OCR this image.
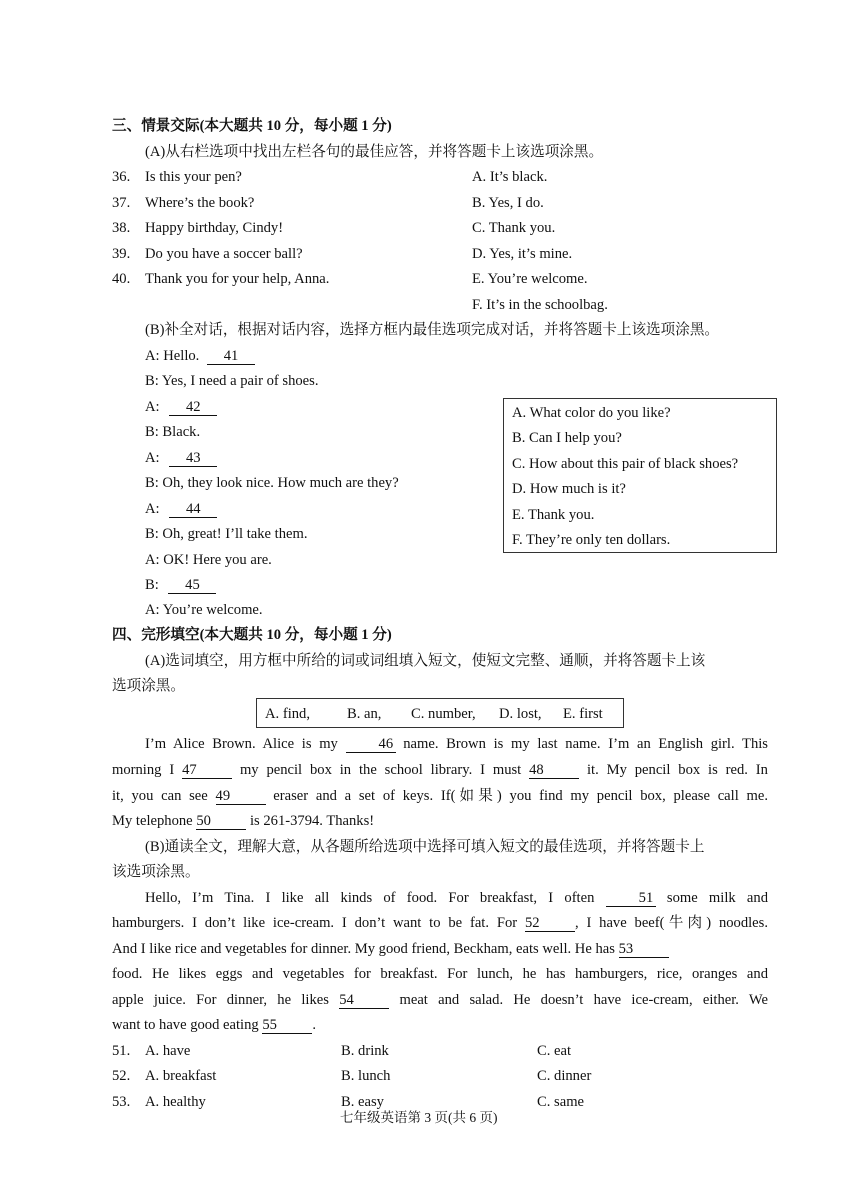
三、情景交际(本大题共 10 分，每小题 1 分)
(A)从右栏选项中找出左栏各句的最佳应答，并将答题卡上该选项涂黑。
36. Is this your pen?
37. Where’s the book?
38. Happy birthday, Cindy!
39. Do you have a soccer ball?
40. Thank you for your help, Anna.
A. It’s black.
B. Yes, I do.
C. Thank you.
D. Yes, it’s mine.
E. You’re welcome.
F. It’s in the schoolbag.
(B)补全对话，根据对话内容，选择方框内最佳选项完成对话，并将答题卡上该选项涂黑。
A: Hello. 41
B: Yes, I need a pair of shoes.
A: 42
B: Black.
A: 43
B: Oh, they look nice. How much are they?
A: 44
B: Oh, great! I’ll take them.
A: OK! Here you are.
B: 45
A: You’re welcome.
A. What color do you like?
B. Can I help you?
C. How about this pair of black shoes?
D. How much is it?
E. Thank you.
F. They’re only ten dollars.
四、完形填空(本大题共 10 分，每小题 1 分)
(A)选词填空，用方框中所给的词或词组填入短文，使短文完整、通顺，并将答题卡上该
选项涂黑。
A. find,	B. an, C. number, D. lost, E. first
I’m Alice Brown. Alice is my	46 name. Brown is my last name. I’m an English girl. This
morning I 47	my pencil box in the school library. I must 48	it. My pencil box is red. In
it, you can see 49	eraser and a set of keys. If(如果) you find my pencil box, please call me.
My telephone 50	is 261-3794. Thanks!
(B)通读全文，理解大意，从各题所给选项中选择可填入短文的最佳选项，并将答题卡上
该选项涂黑。
Hello, I’m Tina. I like all kinds of food. For breakfast, I often	51 some milk and
hamburgers. I don’t like ice-cream. I don’t want to be fat. For 52 , I have beef(牛肉) noodles.
And I like rice and vegetables for dinner. My good friend, Beckham, eats well. He has 53
food. He likes eggs and vegetables for breakfast. For lunch, he has hamburgers, rice, oranges and
apple juice. For dinner, he likes 54	meat and salad. He doesn’t have ice-cream, either. We
want to have good eating 55 .
51. A. have	B. drink	C. eat
52. A. breakfast	B. lunch	C. dinner
53. A. healthy	B. easy	C. same
七年级英语第 3 页(共 6 页)
